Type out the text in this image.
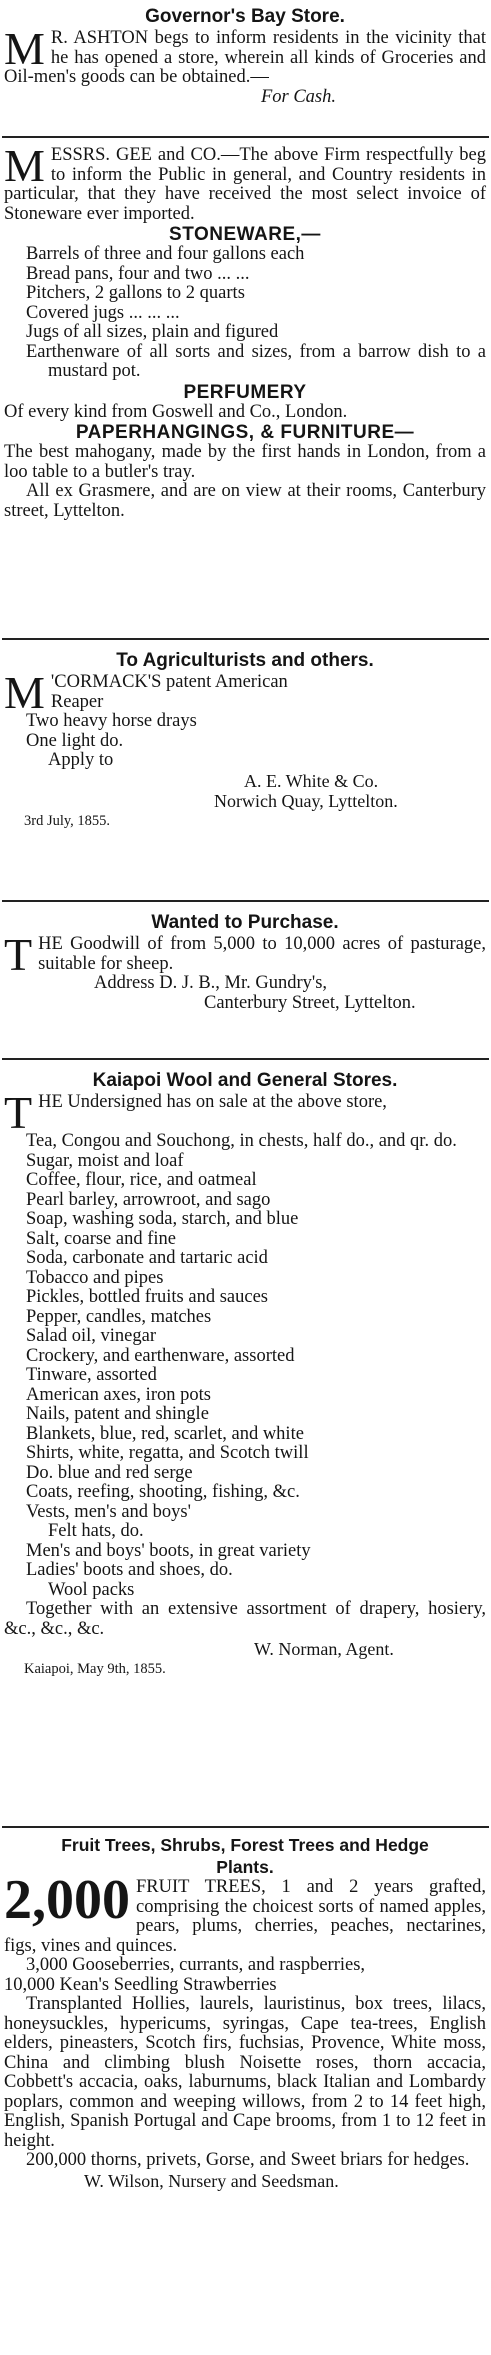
Governor's Bay Store.
M R. ASHTON begs to inform residents in the vicinity that he has opened a store, wherein all kinds of Groceries and Oil-men's goods can be obtained.—
For Cash.
M ESSRS. GEE and CO.—The above Firm respectfully beg to inform the Public in general, and Country residents in particular, that they have received the most select invoice of Stoneware ever imported.
STONEWARE,—

Barrels of three and four gallons each

Bread pans, four and two ... ...

Pitchers, 2 gallons to 2 quarts

Covered jugs ... ... ...

Jugs of all sizes, plain and figured

Earthenware of all sorts and sizes, from a barrow dish to a mustard pot.

PERFUMERY
Of every kind from Goswell and Co., London.
PAPERHANGINGS, & FURNITURE—
The best mahogany, made by the first hands in London, from a loo table to a butler's tray.
All ex Grasmere, and are on view at their rooms, Canterbury street, Lyttelton.
To Agriculturists and others.
M 'CORMACK'S patent American
Reaper

Two heavy horse drays

One light do.

Apply to

A. E. White & Co.
Norwich Quay, Lyttelton.
3rd July, 1855.
Wanted to Purchase.
T HE Goodwill of from 5,000 to 10,000 acres of pasturage, suitable for sheep.
Address D. J. B., Mr. Gundry's,
Canterbury Street, Lyttelton.
Kaiapoi Wool and General Stores.
T HE Undersigned has on sale at the above store,

Tea, Congou and Souchong, in chests, half do., and qr. do.

Sugar, moist and loaf

Coffee, flour, rice, and oatmeal

Pearl barley, arrowroot, and sago

Soap, washing soda, starch, and blue

Salt, coarse and fine

Soda, carbonate and tartaric acid

Tobacco and pipes

Pickles, bottled fruits and sauces

Pepper, candles, matches

Salad oil, vinegar

Crockery, and earthenware, assorted

Tinware, assorted

American axes, iron pots

Nails, patent and shingle

Blankets, blue, red, scarlet, and white

Shirts, white, regatta, and Scotch twill

Do. blue and red serge

Coats, reefing, shooting, fishing, &c.

Vests, men's and boys'

Felt hats, do.

Men's and boys' boots, in great variety

Ladies' boots and shoes, do.

Wool packs

Together with an extensive assortment of drapery, hosiery, &c., &c., &c.
W. Norman, Agent.
Kaiapoi, May 9th, 1855.
Fruit Trees, Shrubs, Forest Trees and Hedge
Plants.
2,000 FRUIT TREES, 1 and 2 years grafted, comprising the choicest sorts of named apples, pears, plums, cherries, peaches, nectarines, figs, vines and quinces.
3,000 Gooseberries, currants, and raspberries,
10,000 Kean's Seedling Strawberries
Transplanted Hollies, laurels, lauristinus, box trees, lilacs, honeysuckles, hypericums, syringas, Cape tea-trees, English elders, pineasters, Scotch firs, fuchsias, Provence, White moss, China and climbing blush Noisette roses, thorn accacia, Cobbett's accacia, oaks, laburnums, black Italian and Lombardy poplars, common and weeping willows, from 2 to 14 feet high, English, Spanish Portugal and Cape brooms, from 1 to 12 feet in height.
200,000 thorns, privets, Gorse, and Sweet briars for hedges.
W. Wilson, Nursery and Seedsman.
